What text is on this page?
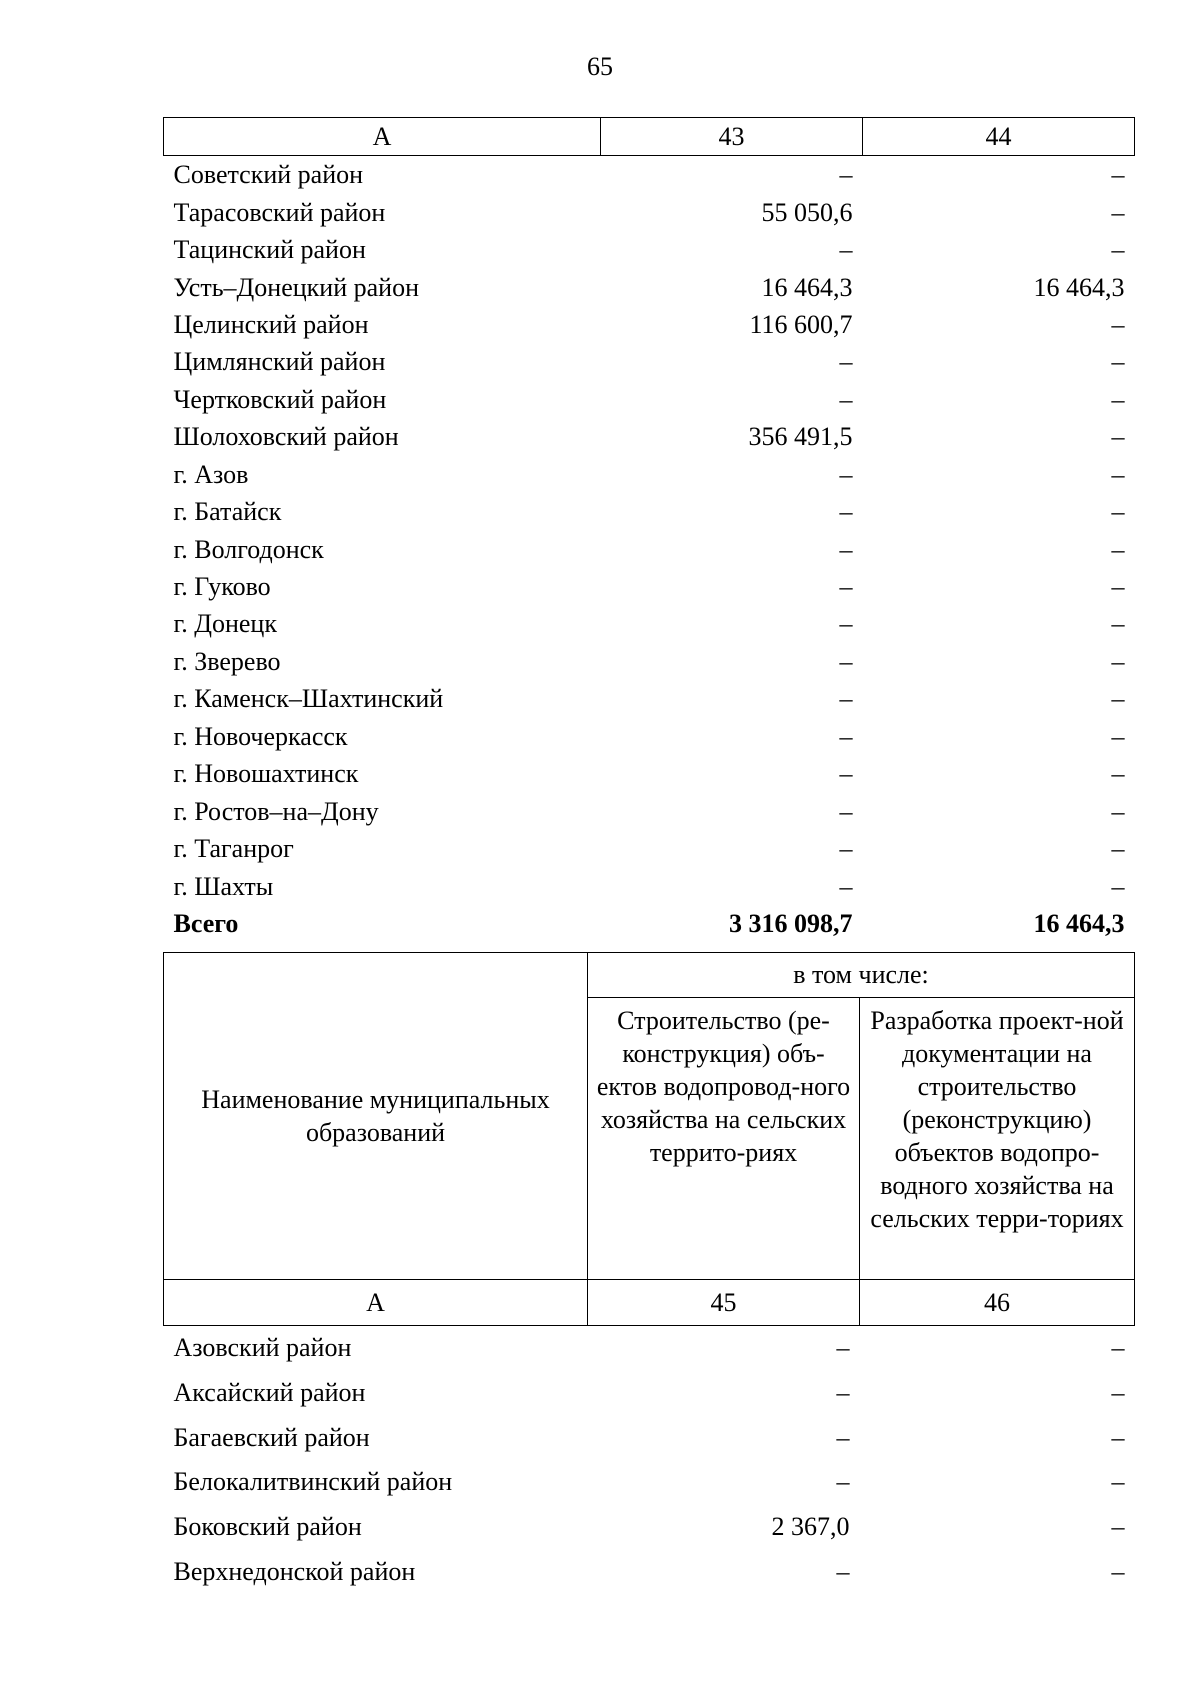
65
А	43	44
Советский район	–	–
Тарасовский район	55 050,6	–
Тацинский район	–	–
Усть–Донецкий район	16 464,3	16 464,3
Целинский район	116 600,7	–
Цимлянский район	–	–
Чертковский район	–	–
Шолоховский район	356 491,5	–
г. Азов	–	–
г. Батайск	–	–
г. Волгодонск	–	–
г. Гуково	–	–
г. Донецк	–	–
г. Зверево	–	–
г. Каменск–Шахтинский	–	–
г. Новочеркасск	–	–
г. Новошахтинск	–	–
г. Ростов–на–Дону	–	–
г. Таганрог	–	–
г. Шахты	–	–
Всего	3 316 098,7	16 464,3
Наименование муниципальных образований	в том числе:	
	Строительство (ре-конструкция) объ-ектов водопровод-ного хозяйства на сельских террито-риях	Разработка проект-ной документации на строительство (реконструкцию) объектов водопро-водного хозяйства на сельских терри-ториях
А	45	46
Азовский район	–	–
Аксайский район	–	–
Багаевский район	–	–
Белокалитвинский район	–	–
Боковский район	2 367,0	–
Верхнедонской район	–	–
